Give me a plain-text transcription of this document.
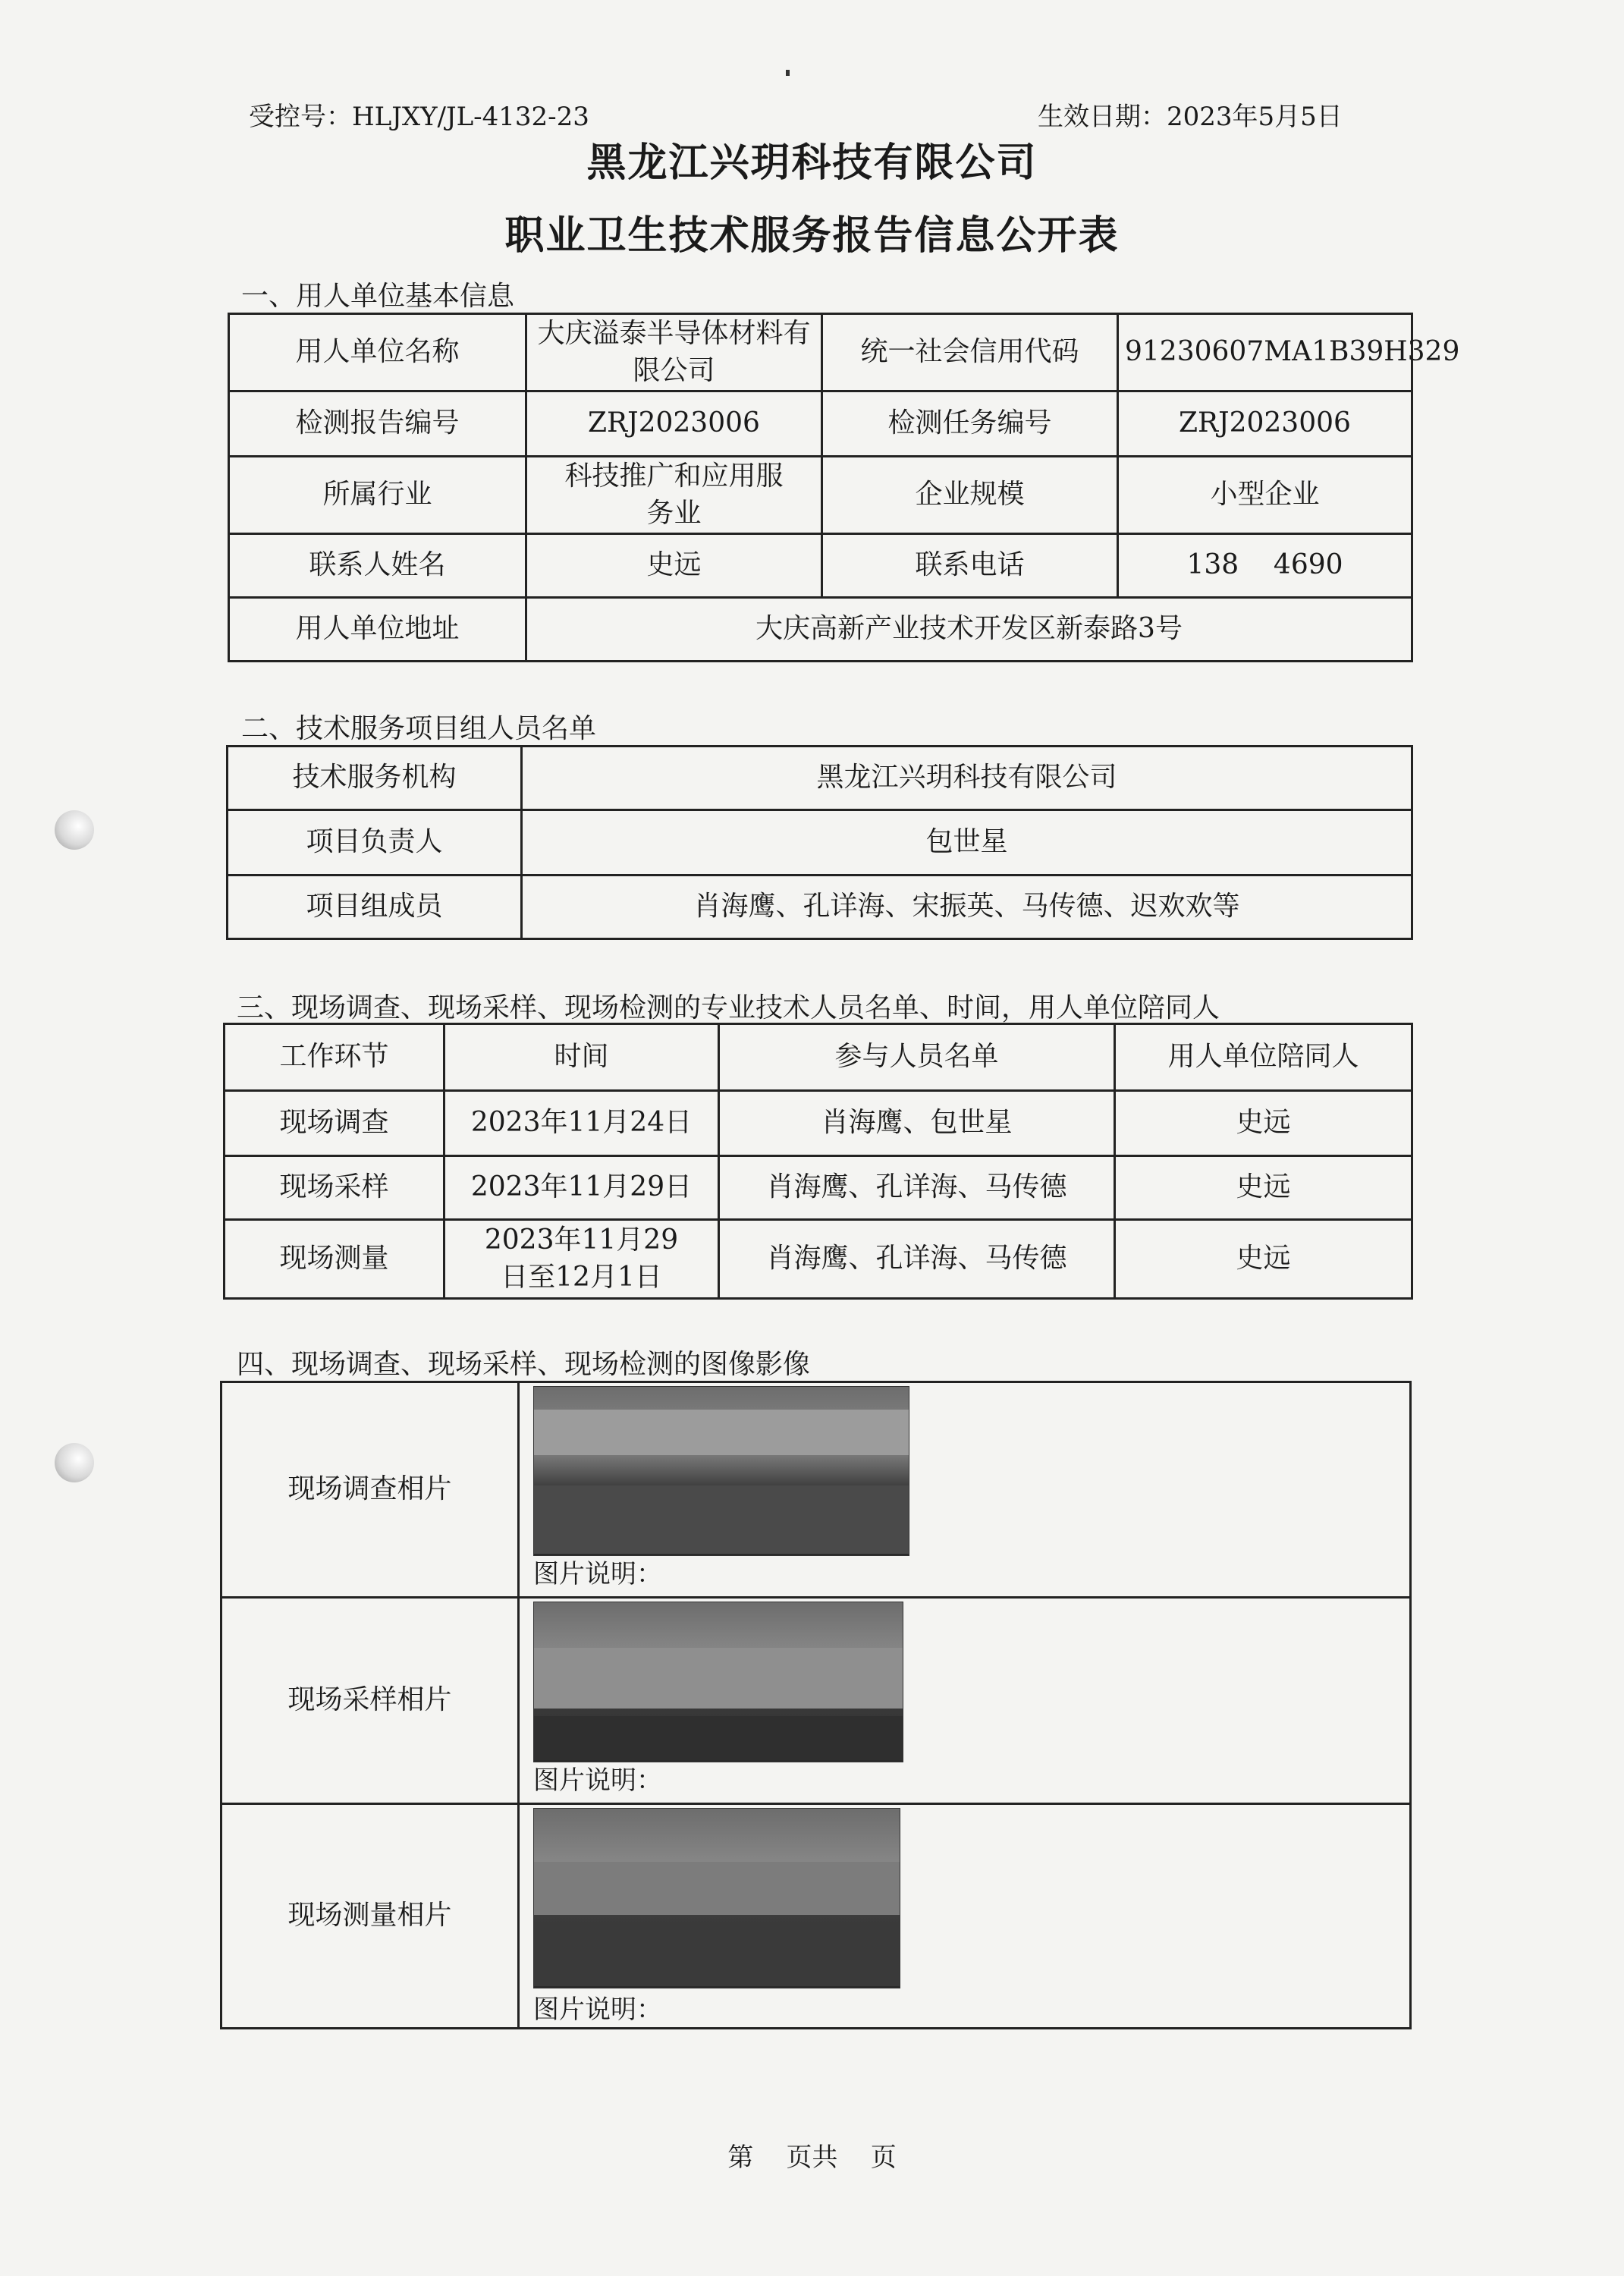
受控号：HLJXY/JL-4132-23	生效日期：2023年5月5日
黑龙江兴玥科技有限公司
职业卫生技术服务报告信息公开表
一、用人单位基本信息
用人单位名称	大庆溢泰半导体材料有限公司	统一社会信用代码	91230607MA1B39H329
检测报告编号	ZRJ2023006	检测任务编号	ZRJ2023006
所属行业	科技推广和应用服务业	企业规模	小型企业
联系人姓名	史远	联系电话	138    4690
用人单位地址	大庆高新产业技术开发区新泰路3号		
二、技术服务项目组人员名单
技术服务机构	黑龙江兴玥科技有限公司
项目负责人	包世星
项目组成员	肖海鹰、孔详海、宋振英、马传德、迟欢欢等
三、现场调查、现场采样、现场检测的专业技术人员名单、时间，用人单位陪同人
工作环节	时间	参与人员名单	用人单位陪同人
现场调查	2023年11月24日	肖海鹰、包世星	史远
现场采样	2023年11月29日	肖海鹰、孔详海、马传德	史远
现场测量	2023年11月29日至12月1日	肖海鹰、孔详海、马传德	史远
四、现场调查、现场采样、现场检测的图像影像
现场调查相片	图片说明：

现场采样相片	图片说明：

现场测量相片	图片说明：
第    页共    页
